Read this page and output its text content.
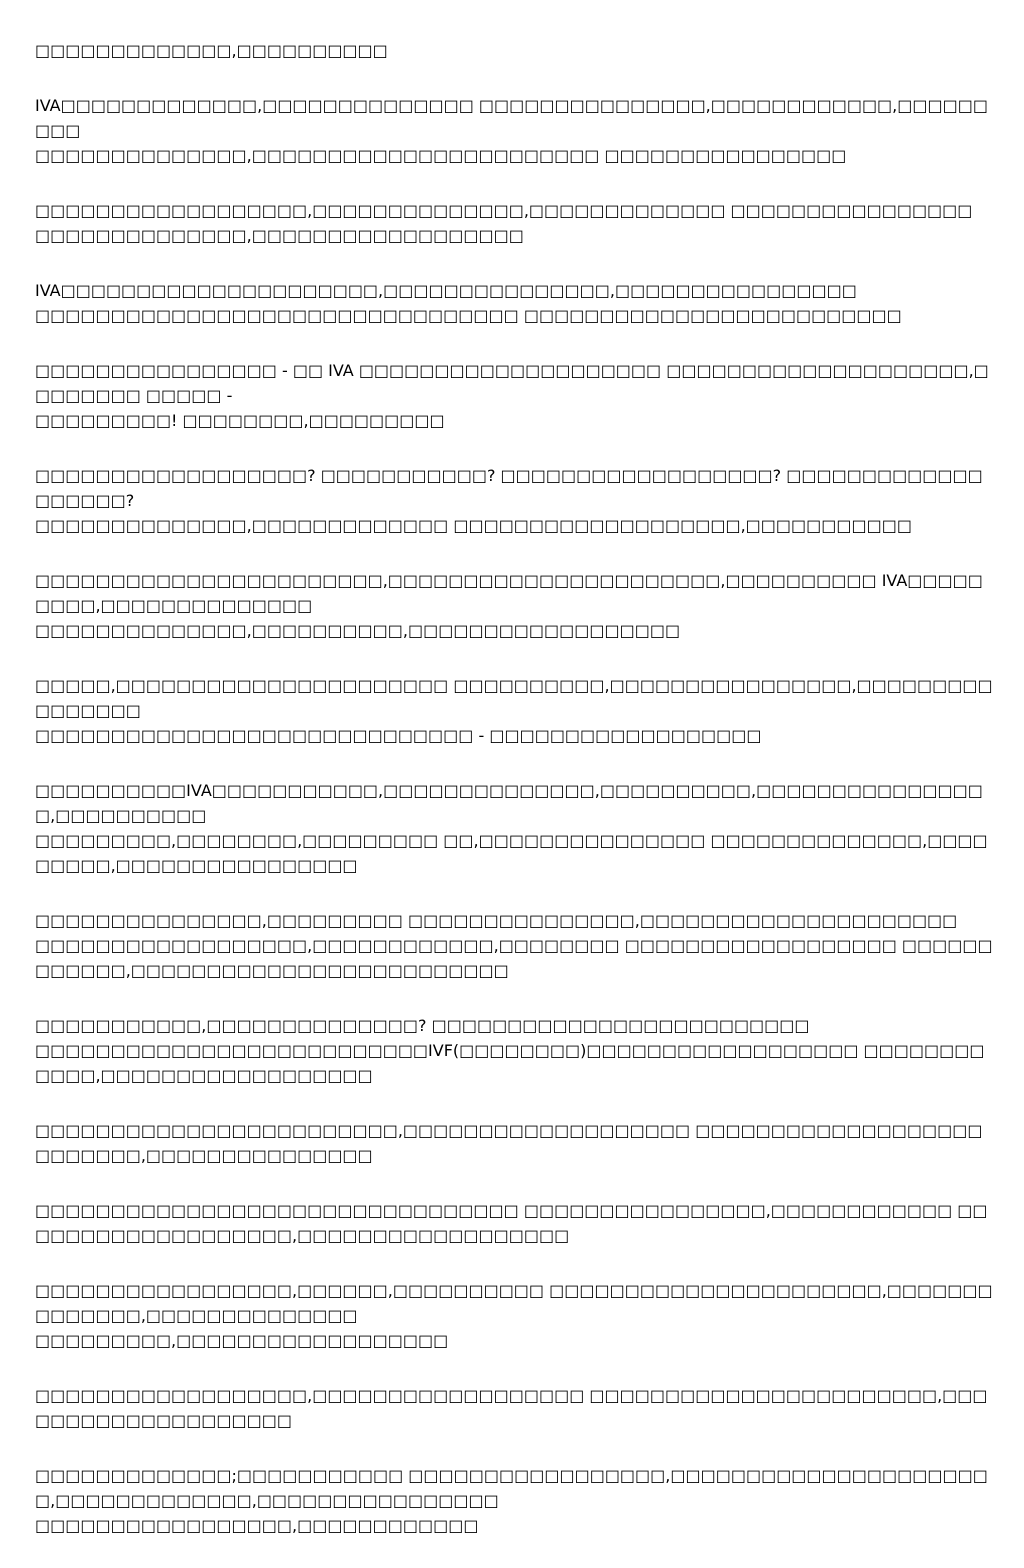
□□□□□□□□□□□□□,□□□□□□□□□□

IVA□□□□□□□□□□□□□,□□□□□□□□□□□□□□ □□□□□□□□□□□□□□□,□□□□□□□□□□□□,□□□□□□□□□
□□□□□□□□□□□□□□,□□□□□□□□□□□□□□□□□□□□□□□ □□□□□□□□□□□□□□□□

□□□□□□□□□□□□□□□□□□,□□□□□□□□□□□□□□,□□□□□□□□□□□□□ □□□□□□□□□□□□□□□□
□□□□□□□□□□□□□□,□□□□□□□□□□□□□□□□□□

IVA□□□□□□□□□□□□□□□□□□□□□,□□□□□□□□□□□□□□□,□□□□□□□□□□□□□□□□
□□□□□□□□□□□□□□□□□□□□□□□□□□□□□□□□ □□□□□□□□□□□□□□□□□□□□□□□□□

□□□□□□□□□□□□□□□□ - □□ IVA □□□□□□□□□□□□□□□□□□□□ □□□□□□□□□□□□□□□□□□□□,□□□□□□□□ □□□□□ -
□□□□□□□□□! □□□□□□□□,□□□□□□□□□

□□□□□□□□□□□□□□□□□□? □□□□□□□□□□□? □□□□□□□□□□□□□□□□□□? □□□□□□□□□□□□□□□□□□□?
□□□□□□□□□□□□□□,□□□□□□□□□□□□□ □□□□□□□□□□□□□□□□□□□,□□□□□□□□□□□

□□□□□□□□□□□□□□□□□□□□□□□,□□□□□□□□□□□□□□□□□□□□□□,□□□□□□□□□□ IVA□□□□□□□□□,□□□□□□□□□□□□□□
□□□□□□□□□□□□□□,□□□□□□□□□□,□□□□□□□□□□□□□□□□□□

□□□□□,□□□□□□□□□□□□□□□□□□□□□□ □□□□□□□□□□,□□□□□□□□□□□□□□□□,□□□□□□□□□□□□□□□□
□□□□□□□□□□□□□□□□□□□□□□□□□□□□□ - □□□□□□□□□□□□□□□□□□

□□□□□□□□□□IVA□□□□□□□□□□□,□□□□□□□□□□□□□□,□□□□□□□□□□,□□□□□□□□□□□□□□□□,□□□□□□□□□□
□□□□□□□□□,□□□□□□□□,□□□□□□□□□ □□,□□□□□□□□□□□□□□□ □□□□□□□□□□□□□□,□□□□□□□□□,□□□□□□□□□□□□□□□□

□□□□□□□□□□□□□□□,□□□□□□□□□ □□□□□□□□□□□□□□□,□□□□□□□□□□□□□□□□□□□□□
□□□□□□□□□□□□□□□□□□,□□□□□□□□□□□□,□□□□□□□□ □□□□□□□□□□□□□□□□□□ □□□□□□□□□□□□,□□□□□□□□□□□□□□□□□□□□□□□□□

□□□□□□□□□□□,□□□□□□□□□□□□□□? □□□□□□□□□□□□□□□□□□□□□□□□□
□□□□□□□□□□□□□□□□□□□□□□□□□□IVF(□□□□□□□□)□□□□□□□□□□□□□□□□□□ □□□□□□□□□□□□,□□□□□□□□□□□□□□□□□□

□□□□□□□□□□□□□□□□□□□□□□□□,□□□□□□□□□□□□□□□□□□□ □□□□□□□□□□□□□□□□□□□□□□□□□□,□□□□□□□□□□□□□□□

□□□□□□□□□□□□□□□□□□□□□□□□□□□□□□□□ □□□□□□□□□□□□□□□□,□□□□□□□□□□□□ □□□□□□□□□□□□□□□□□□□,□□□□□□□□□□□□□□□□□□

□□□□□□□□□□□□□□□□□,□□□□□□,□□□□□□□□□□ □□□□□□□□□□□□□□□□□□□□□□,□□□□□□□□□□□□□□,□□□□□□□□□□□□□□
□□□□□□□□□,□□□□□□□□□□□□□□□□□□

□□□□□□□□□□□□□□□□□□,□□□□□□□□□□□□□□□□□□ □□□□□□□□□□□□□□□□□□□□□□□,□□□□□□□□□□□□□□□□□□□□

□□□□□□□□□□□□□;□□□□□□□□□□□ □□□□□□□□□□□□□□□□□,□□□□□□□□□□□□□□□□□□□□□□,□□□□□□□□□□□□□,□□□□□□□□□□□□□□□□
□□□□□□□□□□□□□□□□□,□□□□□□□□□□□□
